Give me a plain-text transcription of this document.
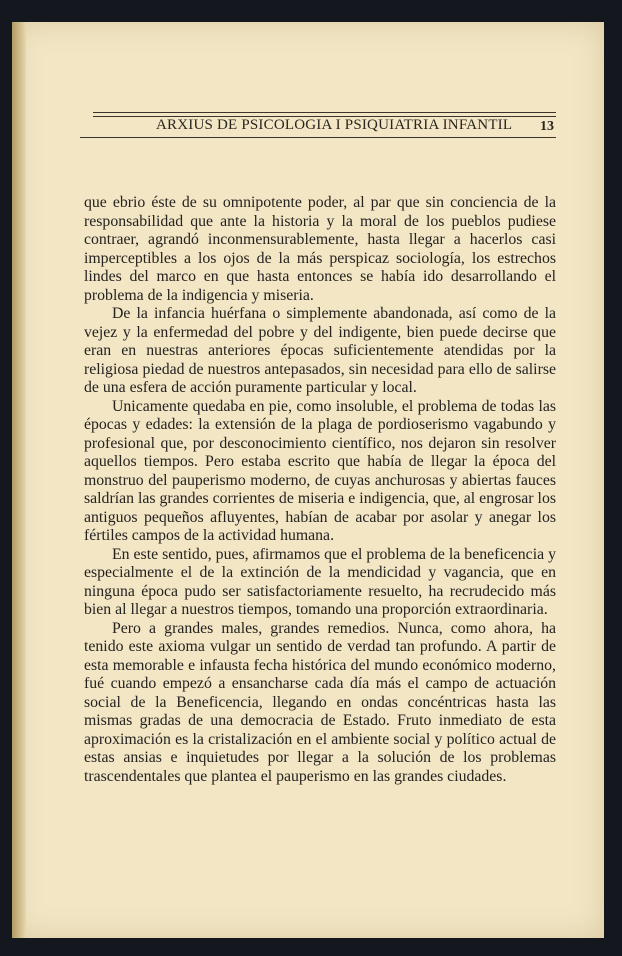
ARXIUS DE PSICOLOGIA I PSIQUIATRIA INFANTIL 13

que ebrio éste de su omnipotente poder, al par que sin conciencia de la responsabilidad que ante la historia y la moral de los pueblos pudiese contraer, agrandó inconmensurablemente, hasta llegar a hacerlos casi imperceptibles a los ojos de la más perspicaz sociología, los estrechos lindes del marco en que hasta entonces se había ido desarrollando el problema de la indigencia y miseria.

De la infancia huérfana o simplemente abandonada, así como de la vejez y la enfermedad del pobre y del indigente, bien puede decirse que eran en nuestras anteriores épocas suficientemente atendidas por la religiosa piedad de nuestros antepasados, sin necesidad para ello de salirse de una esfera de acción puramente particular y local.

Unicamente quedaba en pie, como insoluble, el problema de todas las épocas y edades: la extensión de la plaga de pordioserismo vagabundo y profesional que, por desconocimiento científico, nos dejaron sin resolver aquellos tiempos. Pero estaba escrito que había de llegar la época del monstruo del pauperismo moderno, de cuyas anchurosas y abiertas fauces saldrían las grandes corrientes de miseria e indigencia, que, al engrosar los antiguos pequeños afluyentes, habían de acabar por asolar y anegar los fértiles campos de la actividad humana.

En este sentido, pues, afirmamos que el problema de la beneficencia y especialmente el de la extinción de la mendicidad y vagancia, que en ninguna época pudo ser satisfactoriamente resuelto, ha recrudecido más bien al llegar a nuestros tiempos, tomando una proporción extraordinaria.

Pero a grandes males, grandes remedios. Nunca, como ahora, ha tenido este axioma vulgar un sentido de verdad tan profundo. A partir de esta memorable e infausta fecha histórica del mundo económico moderno, fué cuando empezó a ensancharse cada día más el campo de actuación social de la Beneficencia, llegando en ondas concéntricas hasta las mismas gradas de una democracia de Estado. Fruto inmediato de esta aproximación es la cristalización en el ambiente social y político actual de estas ansias e inquietudes por llegar a la solución de los problemas trascendentales que plantea el pauperismo en las grandes ciudades.
